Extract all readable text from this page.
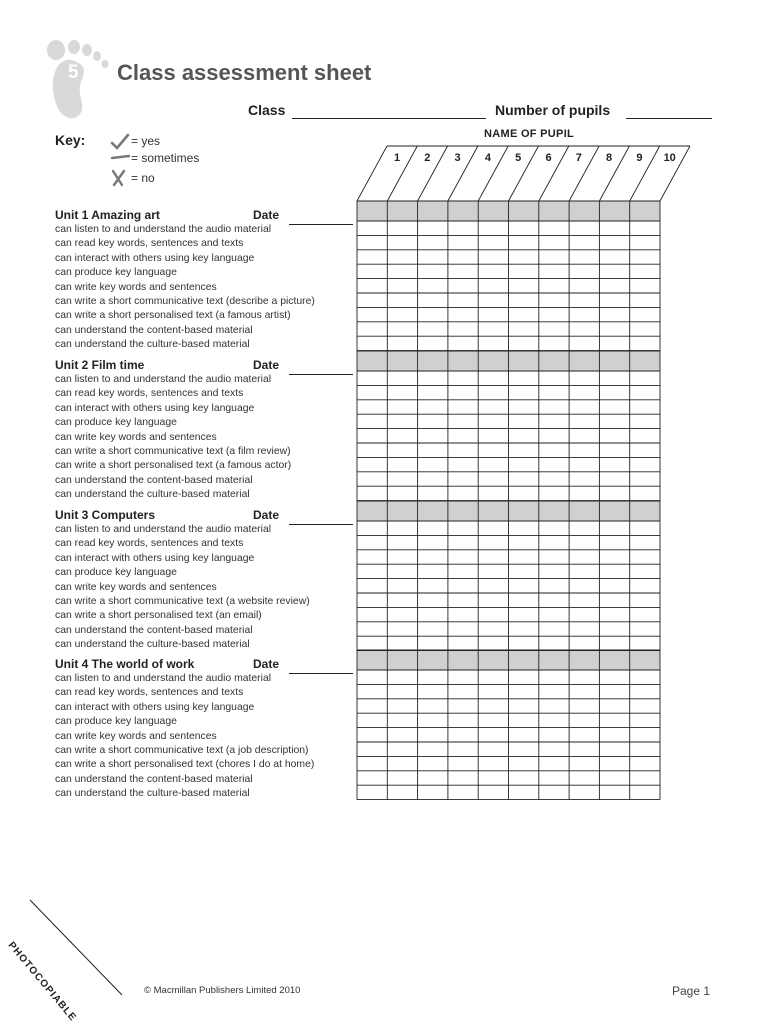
5 Class assessment sheet
Class	Number of pupils
Key:	= yes
= sometimes
= no
NAME OF PUPIL
1	2	3	4	5	6	7	8	9	10
Unit 1 Amazing art	Date
can listen to and understand the audio material
can read key words, sentences and texts
can interact with others using key language
can produce key language
can write key words and sentences
can write a short communicative text (describe a picture)
can write a short personalised text (a famous artist)
can understand the content-based material
can understand the culture-based material
Unit 2 Film time	Date
can listen to and understand the audio material
can read key words, sentences and texts
can interact with others using key language
can produce key language
can write key words and sentences
can write a short communicative text (a film review)
can write a short personalised text (a famous actor)
can understand the content-based material
can understand the culture-based material
Unit 3 Computers	Date
can listen to and understand the audio material
can read key words, sentences and texts
can interact with others using key language
can produce key language
can write key words and sentences
can write a short communicative text (a website review)
can write a short personalised text (an email)
can understand the content-based material
can understand the culture-based material
Unit 4 The world of work	Date
can listen to and understand the audio material
can read key words, sentences and texts
can interact with others using key language
can produce key language
can write key words and sentences
can write a short communicative text (a job description)
can write a short personalised text (chores I do at home)
can understand the content-based material
can understand the culture-based material
PHOTOCOPIABLE	© Macmillan Publishers Limited 2010	Page 1
